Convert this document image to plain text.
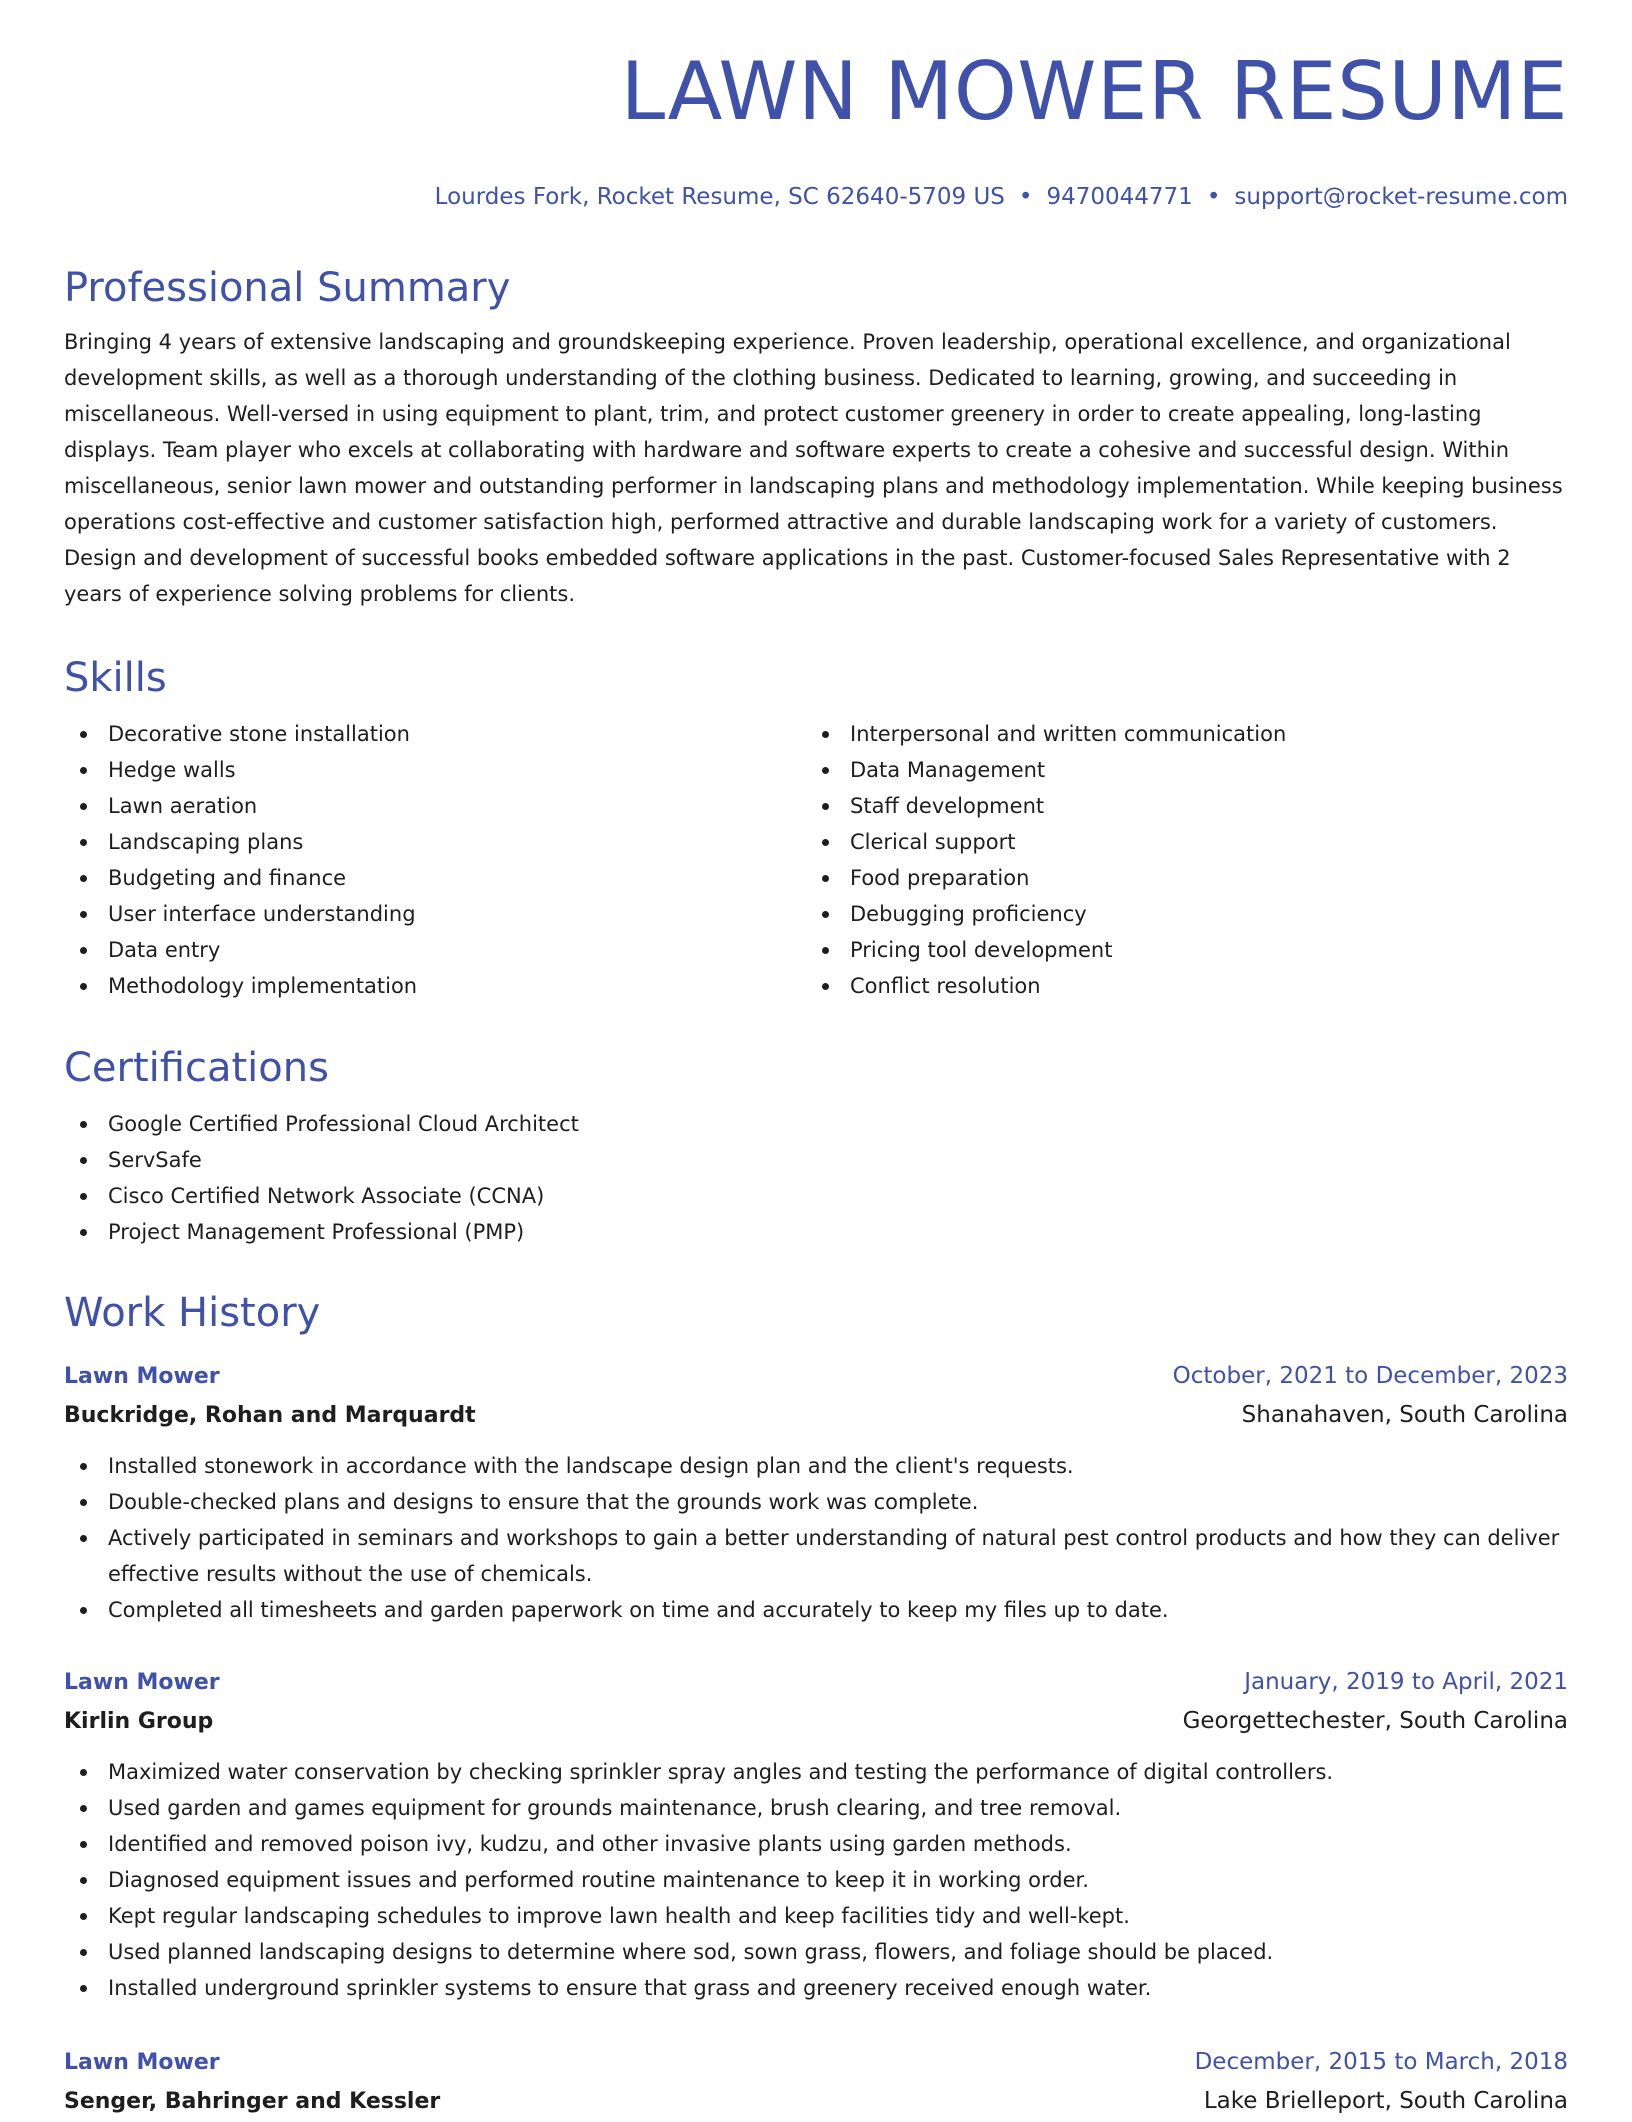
LAWN MOWER RESUME
Lourdes Fork, Rocket Resume, SC 62640-5709 US • 9470044771 • support@rocket-resume.com
Professional Summary

Bringing 4 years of extensive landscaping and groundskeeping experience. Proven leadership, operational excellence, and organizational development skills, as well as a thorough understanding of the clothing business. Dedicated to learning, growing, and succeeding in miscellaneous. Well-versed in using equipment to plant, trim, and protect customer greenery in order to create appealing, long-lasting displays. Team player who excels at collaborating with hardware and software experts to create a cohesive and successful design. Within miscellaneous, senior lawn mower and outstanding performer in landscaping plans and methodology implementation. While keeping business operations cost-effective and customer satisfaction high, performed attractive and durable landscaping work for a variety of customers. Design and development of successful books embedded software applications in the past. Customer-focused Sales Representative with 2 years of experience solving problems for clients.

Skills
Decorative stone installation
Hedge walls
Lawn aeration
Landscaping plans
Budgeting and finance
User interface understanding
Data entry
Methodology implementation
Interpersonal and written communication
Data Management
Staff development
Clerical support
Food preparation
Debugging proficiency
Pricing tool development
Conflict resolution
Certifications
Google Certified Professional Cloud Architect
ServSafe
Cisco Certified Network Associate (CCNA)
Project Management Professional (PMP)
Work History
Lawn Mower	October, 2021 to December, 2023
Buckridge, Rohan and Marquardt	Shanahaven, South Carolina
Installed stonework in accordance with the landscape design plan and the client's requests.
Double-checked plans and designs to ensure that the grounds work was complete.
Actively participated in seminars and workshops to gain a better understanding of natural pest control products and how they can deliver effective results without the use of chemicals.
Completed all timesheets and garden paperwork on time and accurately to keep my files up to date.
Lawn Mower	January, 2019 to April, 2021
Kirlin Group	Georgettechester, South Carolina
Maximized water conservation by checking sprinkler spray angles and testing the performance of digital controllers.
Used garden and games equipment for grounds maintenance, brush clearing, and tree removal.
Identified and removed poison ivy, kudzu, and other invasive plants using garden methods.
Diagnosed equipment issues and performed routine maintenance to keep it in working order.
Kept regular landscaping schedules to improve lawn health and keep facilities tidy and well-kept.
Used planned landscaping designs to determine where sod, sown grass, flowers, and foliage should be placed.
Installed underground sprinkler systems to ensure that grass and greenery received enough water.
Lawn Mower	December, 2015 to March, 2018
Senger, Bahringer and Kessler	Lake Brielleport, South Carolina
